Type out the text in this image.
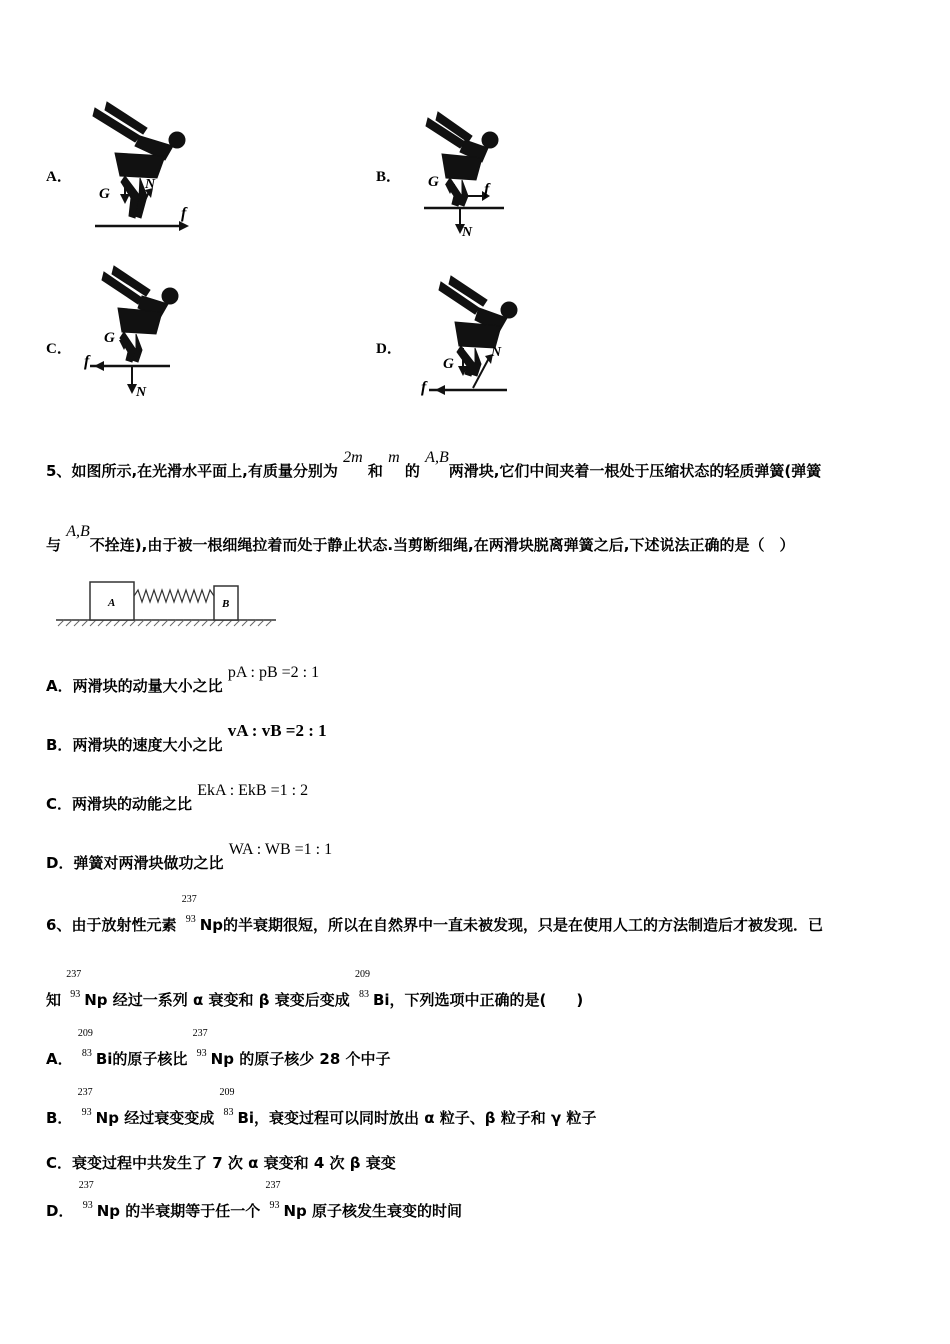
A．	B．
C．	D．
G
N
f
G
N
f
G
N
f	G
N
f
5、如图所示,在光滑水平面上,有质量分别为 2m 和 m 的 A,B两滑块,它们中间夹着一根处于压缩状态的轻质弹簧(弹簧
与 A,B不拴连),由于被一根细绳拉着而处于静止状态.当剪断细绳,在两滑块脱离弹簧之后,下述说法正确的是（　）
A	B
A．两滑块的动量大小之比 pA : pB =2 : 1
B．两滑块的速度大小之比 vA : vB =2 : 1
C．两滑块的动能之比 EkA : EkB =1 : 2
D．弹簧对两滑块做功之比 WA : WB =1 : 1
6、由于放射性元素
237
93 Np的半衰期很短，所以在自然界中一直未被发现，只是在使用人工的方法制造后才被发现．已
知
237
93 Np 经过一系列 α 衰变和 β 衰变后变成
209
83 Bi，下列选项中正确的是(　　)
A．
209
83 Bi的原子核比
237
93 Np 的原子核少 28 个中子
B．
237
93 Np 经过衰变变成
209
83 Bi，衰变过程可以同时放出 α 粒子、β 粒子和 γ 粒子
C．衰变过程中共发生了 7 次 α 衰变和 4 次 β 衰变
D．
237
93 Np 的半衰期等于任一个
237
93 Np 原子核发生衰变的时间
